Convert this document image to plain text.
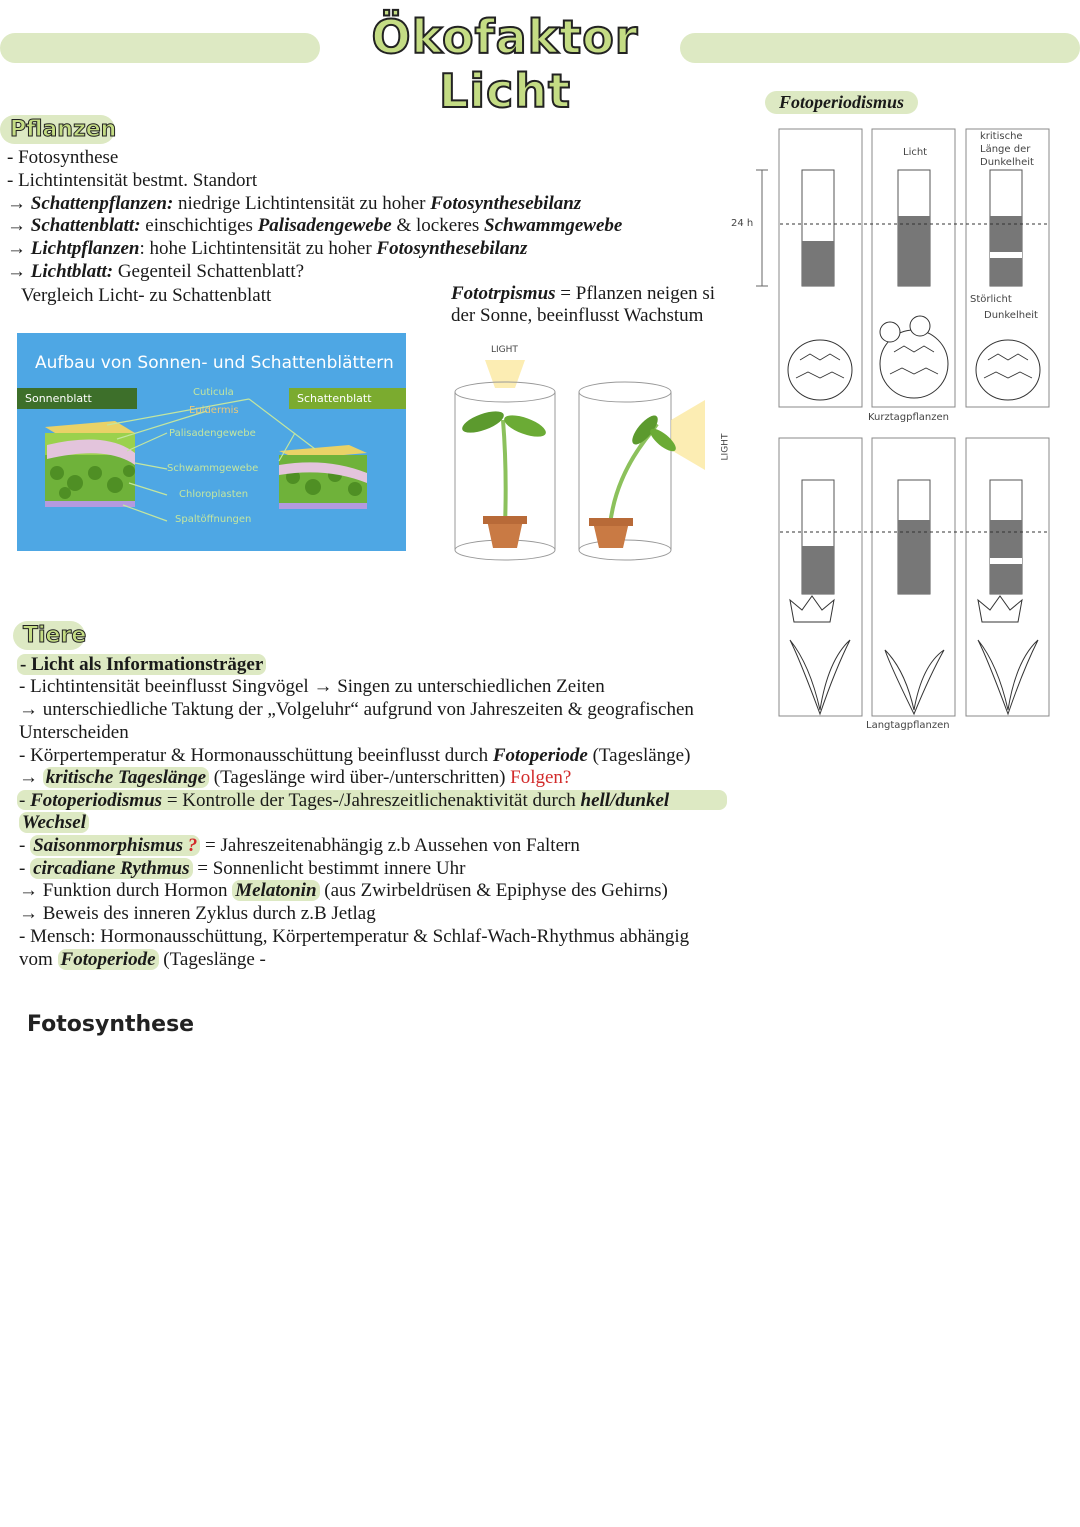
Ökofaktor Licht
Pflanzen
- Fotosynthese
- Lichtintensität bestmt. Standort
→ Schattenpflanzen: niedrige Lichtintensität zu hoher Fotosynthesebilanz
→ Schattenblatt: einschichtiges Palisadengewebe & lockeres Schwammgewebe
→ Lichtpflanzen: hohe Lichtintensität zu hoher Fotosynthesebilanz
→ Lichtblatt: Gegenteil Schattenblatt?
Vergleich Licht- zu Schattenblatt	Fototrpismus = Pflanzen neigen si
der Sonne, beeinflusst Wachstum
Aufbau von Sonnen- und Schattenblättern
Sonnenblatt	Schattenblatt
Cuticula
Epidermis
Palisadengewebe
Schwammgewebe
Chloroplasten
Spaltöffnungen
LIGHT
LIGHT
Tiere
- Licht als Informationsträger
- Lichtintensität beeinflusst Singvögel → Singen zu unterschiedlichen Zeiten
→ unterschiedliche Taktung der „Volgeluhr“ aufgrund von Jahreszeiten & geografischen
Unterscheiden
- Körpertemperatur & Hormonausschüttung beeinflusst durch Fotoperiode (Tageslänge)
→ kritische Tageslänge (Tageslänge wird über-/unterschritten) Folgen?
- Fotoperiodismus = Kontrolle der Tages-/Jahreszeitlichenaktivität durch hell/dunkel
Wechsel
- Saisonmorphismus ? = Jahreszeitenabhängig z.b Aussehen von Faltern
- circadiane Rythmus = Sonnenlicht bestimmt innere Uhr
→ Funktion durch Hormon Melatonin (aus Zwirbeldrüsen & Epiphyse des Gehirns)
→ Beweis des inneren Zyklus durch z.B Jetlag
- Mensch: Hormonausschüttung, Körpertemperatur & Schlaf-Wach-Rhythmus abhängig
vom Fotoperiode (Tageslänge -
Fotosynthese
Fotoperiodismus
24 h
Licht
kritische
Länge der
Dunkelheit
Störlicht
Dunkelheit
Kurztagpflanzen
Langtagpflanzen
